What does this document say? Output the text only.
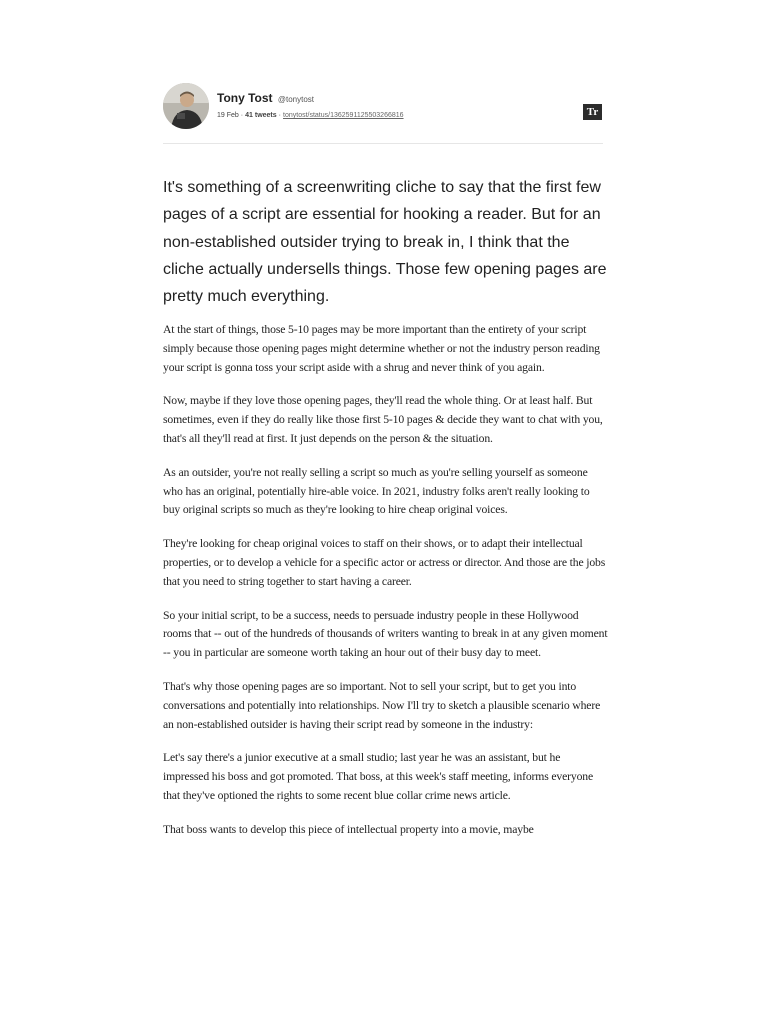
Tony Tost @tonytost
19 Feb · 41 tweets · tonytost/status/1362591125503266816	Tr

It's something of a screenwriting cliche to say that the first few pages of a script are essential for hooking a reader. But for an non-established outsider trying to break in, I think that the cliche actually undersells things. Those few opening pages are pretty much everything.

At the start of things, those 5-10 pages may be more important than the entirety of your script simply because those opening pages might determine whether or not the industry person reading your script is gonna toss your script aside with a shrug and never think of you again.

Now, maybe if they love those opening pages, they'll read the whole thing. Or at least half. But sometimes, even if they do really like those first 5-10 pages & decide they want to chat with you, that's all they'll read at first. It just depends on the person & the situation.

As an outsider, you're not really selling a script so much as you're selling yourself as someone who has an original, potentially hire-able voice. In 2021, industry folks aren't really looking to buy original scripts so much as they're looking to hire cheap original voices.

They're looking for cheap original voices to staff on their shows, or to adapt their intellectual properties, or to develop a vehicle for a specific actor or actress or director. And those are the jobs that you need to string together to start having a career.

So your initial script, to be a success, needs to persuade industry people in these Hollywood rooms that -- out of the hundreds of thousands of writers wanting to break in at any given moment -- you in particular are someone worth taking an hour out of their busy day to meet.

That's why those opening pages are so important. Not to sell your script, but to get you into conversations and potentially into relationships. Now I'll try to sketch a plausible scenario where an non-established outsider is having their script read by someone in the industry:

Let's say there's a junior executive at a small studio; last year he was an assistant, but he impressed his boss and got promoted. That boss, at this week's staff meeting, informs everyone that they've optioned the rights to some recent blue collar crime news article.

That boss wants to develop this piece of intellectual property into a movie, maybe
